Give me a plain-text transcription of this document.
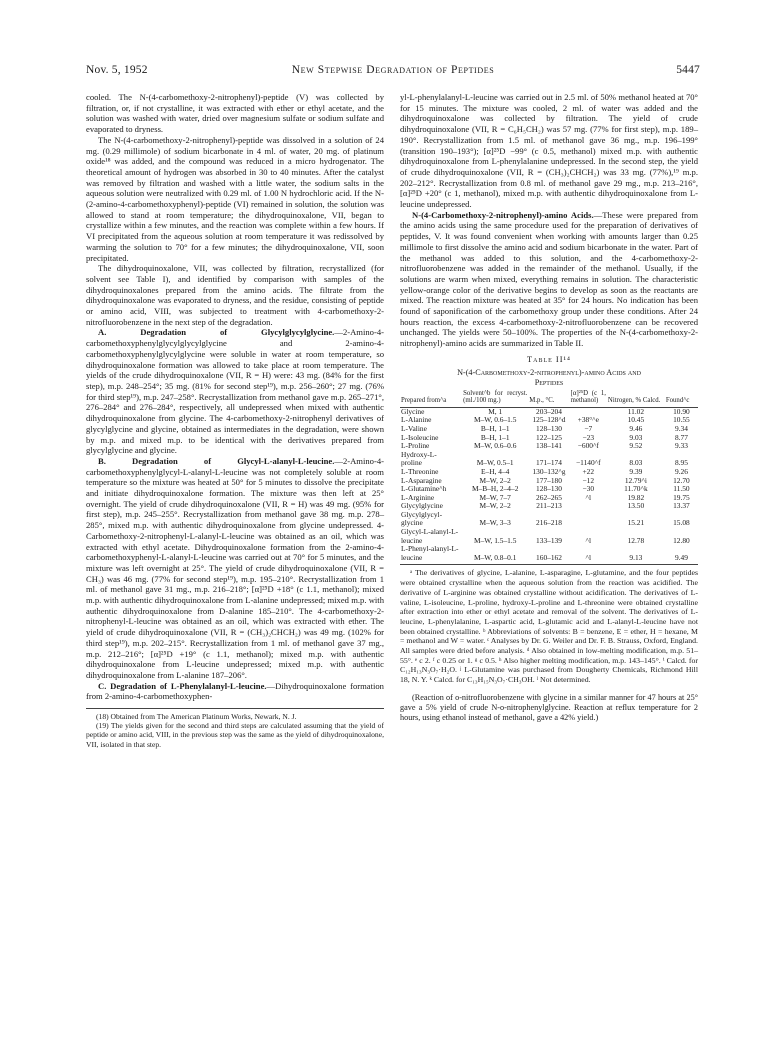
Nov. 5, 1952	New Stepwise Degradation of Peptides	5447

cooled. The N-(4-carbomethoxy-2-nitrophenyl)-peptide (V) was collected by filtration, or, if not crystalline, it was extracted with ether or ethyl acetate, and the solution was washed with water, dried over magnesium sulfate or sodium sulfate and evaporated to dryness.

The N-(4-carbomethoxy-2-nitrophenyl)-peptide was dissolved in a solution of 24 mg. (0.29 millimole) of sodium bicarbonate in 4 ml. of water, 20 mg. of platinum oxide¹⁸ was added, and the compound was reduced in a micro hydrogenator. The theoretical amount of hydrogen was absorbed in 30 to 40 minutes. After the catalyst was removed by filtration and washed with a little water, the sodium salts in the aqueous solution were neutralized with 0.29 ml. of 1.00 N hydrochloric acid. If the N-(2-amino-4-carbomethoxyphenyl)-peptide (VI) remained in solution, the solution was allowed to stand at room temperature; the dihydroquinoxalone, VII, began to crystallize within a few minutes, and the reaction was complete within a few hours. If VI precipitated from the aqueous solution at room temperature it was redissolved by warming the solution to 70° for a few minutes; the dihydroquinoxalone, VII, soon precipitated.

The dihydroquinoxalone, VII, was collected by filtration, recrystallized (for solvent see Table I), and identified by comparison with samples of the dihydroquinoxalones prepared from the amino acids. The filtrate from the dihydroquinoxalone was evaporated to dryness, and the residue, consisting of peptide or amino acid, VIII, was subjected to treatment with 4-carbomethoxy-2-nitrofluorobenzene in the next step of the degradation.

A. Degradation of Glycylglycylglycine.—2-Amino-4-carbomethoxyphenylglycylglycylglycine and 2-amino-4-carbomethoxyphenylglycylglycine were soluble in water at room temperature, so dihydroquinoxalone formation was allowed to take place at room temperature. The yields of the crude dihydroquinoxalone (VII, R = H) were: 43 mg. (84% for the first step), m.p. 248–254°; 35 mg. (81% for second step¹⁹), m.p. 256–260°; 27 mg. (76% for third step¹⁹), m.p. 247–258°. Recrystallization from methanol gave m.p. 265–271°, 276–284° and 276–284°, respectively, all undepressed when mixed with authentic dihydroquinoxalone from glycine. The 4-carbomethoxy-2-nitrophenyl derivatives of glycylglycine and glycine, obtained as intermediates in the degradation, were shown by m.p. and mixed m.p. to be identical with the derivatives prepared from glycylglycine and glycine.

B. Degradation of Glycyl-L-alanyl-L-leucine.—2-Amino-4-carbomethoxyphenylglycyl-L-alanyl-L-leucine was not completely soluble at room temperature so the mixture was heated at 50° for 5 minutes to dissolve the precipitate and initiate dihydroquinoxalone formation. The mixture was then left at 25° overnight. The yield of crude dihydroquinoxalone (VII, R = H) was 49 mg. (95% for first step), m.p. 245–255°. Recrystallization from methanol gave 38 mg. m.p. 278–285°, mixed m.p. with authentic dihydroquinoxalone from glycine undepressed. 4-Carbomethoxy-2-nitrophenyl-L-alanyl-L-leucine was obtained as an oil, which was extracted with ethyl acetate. Dihydroquinoxalone formation from the 2-amino-4-carbomethoxyphenyl-L-alanyl-L-leucine was carried out at 70° for 5 minutes, and the mixture was left overnight at 25°. The yield of crude dihydroquinoxalone (VII, R = CH₃) was 46 mg. (77% for second step¹⁹), m.p. 195–210°. Recrystallization from 1 ml. of methanol gave 31 mg., m.p. 216–218°; [α]²⁵D +18° (c 1.1, methanol); mixed m.p. with authentic dihydroquinoxalone from L-alanine undepressed; mixed m.p. with authentic dihydroquinoxalone from D-alanine 185–210°. The 4-carbomethoxy-2-nitrophenyl-L-leucine was obtained as an oil, which was extracted with ether. The yield of crude dihydroquinoxalone (VII, R = (CH₃)₂CHCH₂) was 49 mg. (102% for third step¹⁹), m.p. 202–215°. Recrystallization from 1 ml. of methanol gave 37 mg., m.p. 212–216°; [α]²⁵D +19° (c 1.1, methanol); mixed m.p. with authentic dihydroquinoxalone from L-leucine undepressed; mixed m.p. with authentic dihydroquinoxalone from L-alanine 187–206°.

C. Degradation of L-Phenylalanyl-L-leucine.—Dihydroquinoxalone formation from 2-amino-4-carbomethoxyphen-

(18) Obtained from The American Platinum Works, Newark, N. J.

(19) The yields given for the second and third steps are calculated assuming that the yield of peptide or amino acid, VIII, in the previous step was the same as the yield of dihydroquinoxalone, VII, isolated in that step.

yl-L-phenylalanyl-L-leucine was carried out in 2.5 ml. of 50% methanol heated at 70° for 15 minutes. The mixture was cooled, 2 ml. of water was added and the dihydroquinoxalone was collected by filtration. The yield of crude dihydroquinoxalone (VII, R = C₆H₅CH₂) was 57 mg. (77% for first step), m.p. 189–190°. Recrystallization from 1.5 ml. of methanol gave 36 mg., m.p. 196–199° (transition 190–193°); [α]²⁵D −99° (c 0.5, methanol) mixed m.p. with authentic dihydroquinoxalone from L-phenylalanine undepressed. In the second step, the yield of crude dihydroquinoxalone (VII, R = (CH₃)₂CHCH₂) was 33 mg. (77%),¹⁹ m.p. 202–212°. Recrystallization from 0.8 ml. of methanol gave 29 mg., m.p. 213–216°, [α]²⁵D +20° (c 1, methanol), mixed m.p. with authentic dihydroquinoxalone from L-leucine undepressed.

N-(4-Carbomethoxy-2-nitrophenyl)-amino Acids.—These were prepared from the amino acids using the same procedure used for the preparation of derivatives of peptides, V. It was found convenient when working with amounts larger than 0.25 millimole to first dissolve the amino acid and sodium bicarbonate in the water. Part of the methanol was added to this solution, and the 4-carbomethoxy-2-nitrofluorobenzene was added in the remainder of the methanol. Usually, if the solutions are warm when mixed, everything remains in solution. The characteristic yellow-orange color of the derivative begins to develop as soon as the reactants are mixed. The reaction mixture was heated at 35° for 24 hours. No indication has been found of saponification of the carbomethoxy group under these conditions. After 24 hours reaction, the excess 4-carbomethoxy-2-nitrofluorobenzene can be recovered unchanged. The yields were 50–100%. The properties of the N-(4-carbomethoxy-2-nitrophenyl)-amino acids are summarized in Table II.

Table II¹⁴
N-(4-Carbomethoxy-2-nitrophenyl)-amino Acids and
Peptides
Prepared from^a	Solvent^b for recryst. (ml./100 mg.)	M.p., °C.	[α]²⁵D (c 1, methanol)	Nitrogen, % Calcd.	Found^c
Glycine	M, 1	203–204		11.02	10.90
L-Alanine	M–W, 0.6–1.5	125–128^d	+38°^e	10.45	10.55
L-Valine	B–H, 1–1	128–130	−7	9.46	9.34
L-Isoleucine	B–H, 1–1	122–125	−23	9.03	8.77
L-Proline	M–W, 0.6–0.6	138–141	−600^f	9.52	9.33
Hydroxy-L-					
proline	M–W, 0.5–1	171–174	−1140^f	8.03	8.95
L-Threonine	E–H, 4–4	130–132^g	+22	9.39	9.26
L-Asparagine	M–W, 2–2	177–180	−12	12.79^i	12.70
L-Glutamine^h	M–B–H, 2–4–2	128–130	−30	11.70^k	11.50
L-Arginine	M–W, 7–7	262–265	^l	19.82	19.75
Glycylglycine	M–W, 2–2	211–213		13.50	13.37
Glycylglycyl-					
glycine	M–W, 3–3	216–218		15.21	15.08
Glycyl-L-alanyl-L-					
leucine	M–W, 1.5–1.5	133–139	^l	12.78	12.80
L-Phenyl-alanyl-L-					
leucine	M–W, 0.8–0.1	160–162	^l	9.13	9.49

ᵃ The derivatives of glycine, L-alanine, L-asparagine, L-glutamine, and the four peptides were obtained crystalline when the aqueous solution from the reaction was acidified. The derivative of L-arginine was obtained crystalline without acidification. The derivatives of L-valine, L-isoleucine, L-proline, hydroxy-L-proline and L-threonine were obtained crystalline after extraction into ether or ethyl acetate and removal of the solvent. The derivatives of L-leucine, L-phenylalanine, L-aspartic acid, L-glutamic acid and L-alanyl-L-leucine have not been obtained crystalline. ᵇ Abbreviations of solvents: B = benzene, E = ether, H = hexane, M = methanol and W = water. ᶜ Analyses by Dr. G. Weiler and Dr. F. B. Strauss, Oxford, England. All samples were dried before analysis. ᵈ Also obtained in low-melting modification, m.p. 51–55°. ᵉ c 2. ᶠ c 0.25 or 1. ᵍ c 0.5. ʰ Also higher melting modification, m.p. 143–145°. ⁱ Calcd. for C₁₂H₁₃N₃O₇·H₂O. ʲ L-Glutamine was purchased from Dougherty Chemicals, Richmond Hill 18, N. Y. ᵏ Calcd. for C₁₃H₁₅N₃O₇·CH₃OH. ˡ Not determined.

(Reaction of o-nitrofluorobenzene with glycine in a similar manner for 47 hours at 25° gave a 5% yield of crude N-o-nitrophenylglycine. Reaction at reflux temperature for 2 hours, using ethanol instead of methanol, gave a 42% yield.)
